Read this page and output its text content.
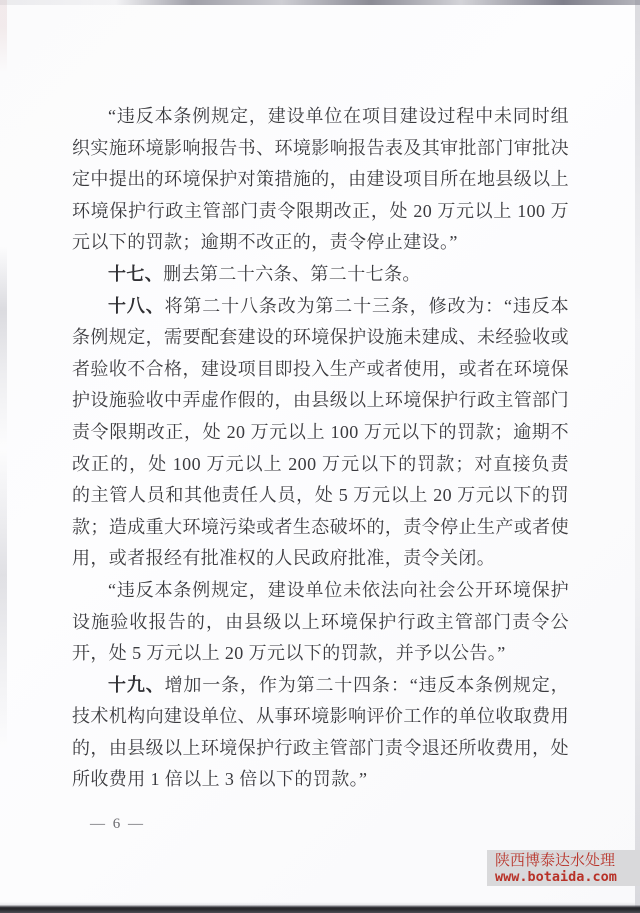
“违反本条例规定，建设单位在项目建设过程中未同时组织实施环境影响报告书、环境影响报告表及其审批部门审批决定中提出的环境保护对策措施的，由建设项目所在地县级以上环境保护行政主管部门责令限期改正，处 20 万元以上 100 万元以下的罚款；逾期不改正的，责令停止建设。”

十七、删去第二十六条、第二十七条。

十八、将第二十八条改为第二十三条，修改为：“违反本条例规定，需要配套建设的环境保护设施未建成、未经验收或者验收不合格，建设项目即投入生产或者使用，或者在环境保护设施验收中弄虚作假的，由县级以上环境保护行政主管部门责令限期改正，处 20 万元以上 100 万元以下的罚款；逾期不改正的，处 100 万元以上 200 万元以下的罚款；对直接负责的主管人员和其他责任人员，处 5 万元以上 20 万元以下的罚款；造成重大环境污染或者生态破坏的，责令停止生产或者使用，或者报经有批准权的人民政府批准，责令关闭。

“违反本条例规定，建设单位未依法向社会公开环境保护设施验收报告的，由县级以上环境保护行政主管部门责令公开，处 5 万元以上 20 万元以下的罚款，并予以公告。”

十九、增加一条，作为第二十四条：“违反本条例规定，技术机构向建设单位、从事环境影响评价工作的单位收取费用的，由县级以上环境保护行政主管部门责令退还所收费用，处所收费用 1 倍以上 3 倍以下的罚款。”

— 6 —
陕西博泰达水处理
www.botaida.com
